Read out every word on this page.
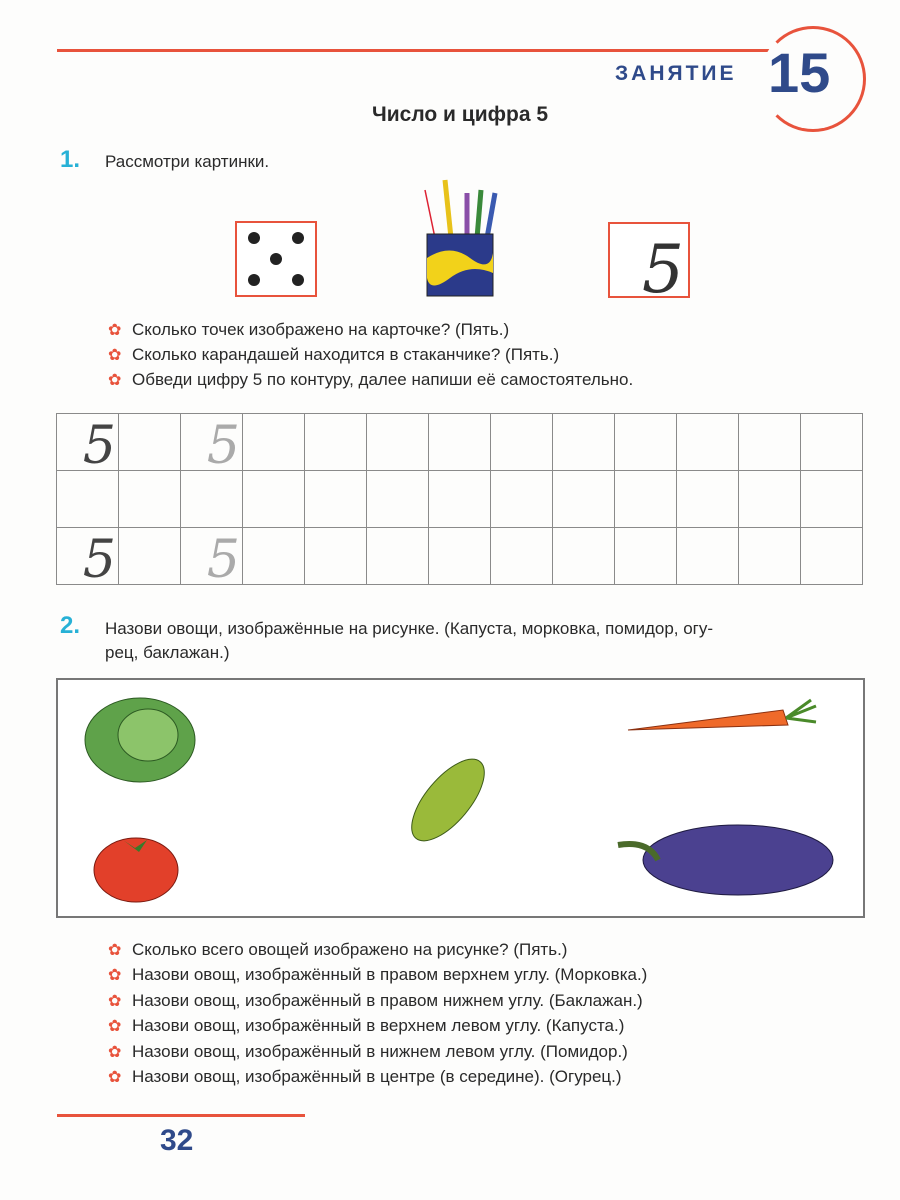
ЗАНЯТИЕ 15
Число и цифра 5
1. Рассмотри картинки.
5
✿ Сколько точек изображено на карточке? (Пять.)
✿ Сколько карандашей находится в стаканчике? (Пять.)
✿ Обведи цифру 5 по контуру, далее напиши её самостоятельно.
5		5										

5		5										

2. Назови овощи, изображённые на рисунке. (Капуста, морковка, помидор, огу-
рец, баклажан.)
✿ Сколько всего овощей изображено на рисунке? (Пять.)
✿ Назови овощ, изображённый в правом верхнем углу. (Морковка.)
✿ Назови овощ, изображённый в правом нижнем углу. (Баклажан.)
✿ Назови овощ, изображённый в верхнем левом углу. (Капуста.)
✿ Назови овощ, изображённый в нижнем левом углу. (Помидор.)
✿ Назови овощ, изображённый в центре (в середине). (Огурец.)
32
